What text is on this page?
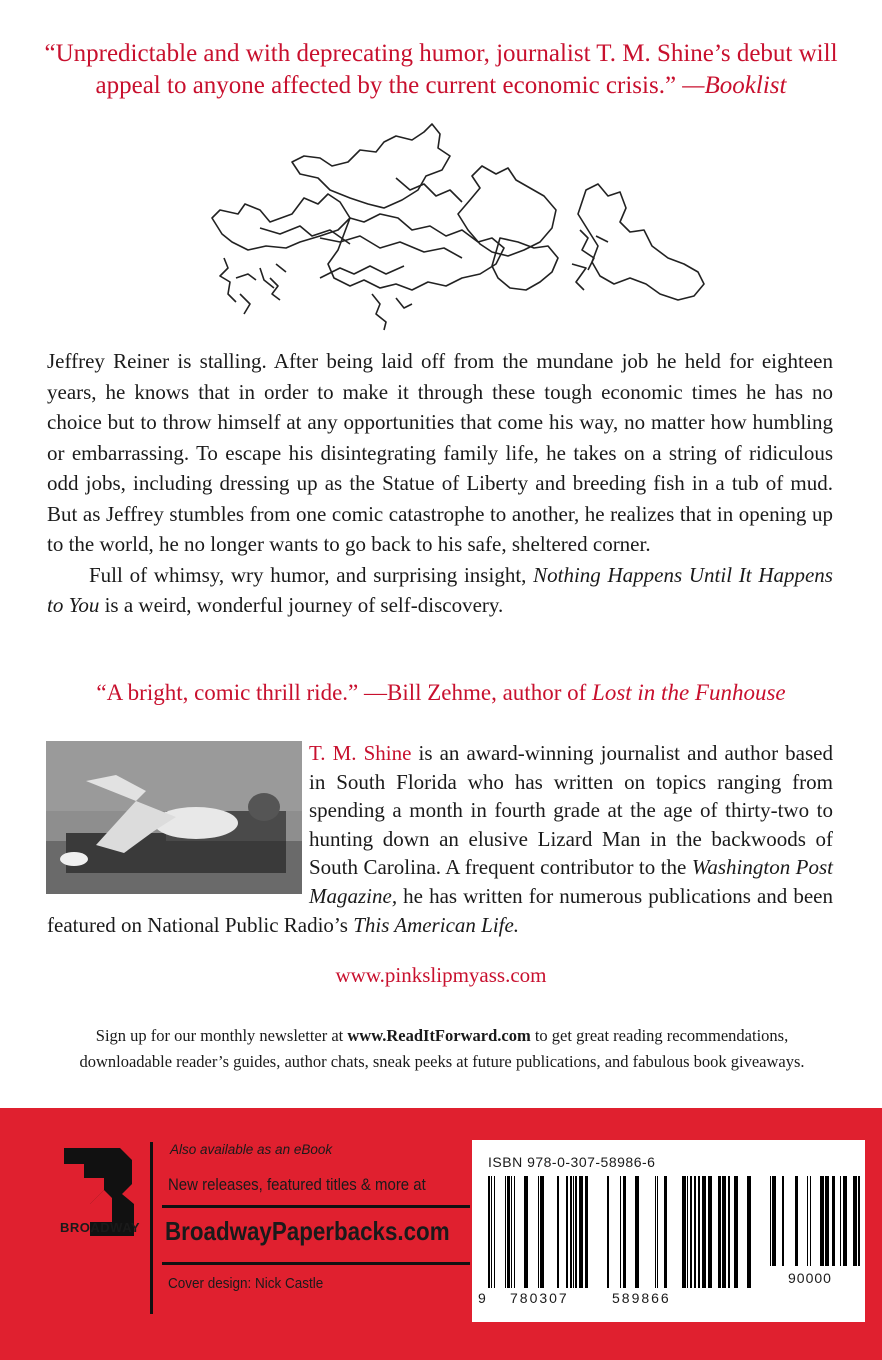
“Unpredictable and with deprecating humor, journalist T. M. Shine’s debut will appeal to anyone affected by the current economic crisis.” —Booklist

Jeffrey Reiner is stalling. After being laid off from the mundane job he held for eighteen years, he knows that in order to make it through these tough economic times he has no choice but to throw himself at any opportunities that come his way, no matter how humbling or embarrassing. To escape his disintegrating family life, he takes on a string of ridiculous odd jobs, including dressing up as the Statue of Liberty and breeding fish in a tub of mud. But as Jeffrey stumbles from one comic catastrophe to another, he realizes that in opening up to the world, he no longer wants to go back to his safe, sheltered corner.

Full of whimsy, wry humor, and surprising insight, Nothing Happens Until It Happens to You is a weird, wonderful journey of self-discovery.

“A bright, comic thrill ride.” —Bill Zehme, author of Lost in the Funhouse
T. M. Shine is an award-winning journalist and author based in South Florida who has written on topics ranging from spending a month in fourth grade at the age of thirty-two to hunting down an elusive Lizard Man in the backwoods of South Carolina. A frequent contributor to the Washington Post Magazine, he has written for numerous publications and been featured on National Public Radio’s This American Life.
www.pinkslipmyass.com
Sign up for our monthly newsletter at www.ReadItForward.com to get great reading recommendations, downloadable reader’s guides, author chats, sneak peeks at future publications, and fabulous book giveaways.
BROADWAY
Also available as an eBook
New releases, featured titles & more at
BroadwayPaperbacks.com
Cover design: Nick Castle
ISBN 978-0-307-58986-6
9 780307	589866
90000
